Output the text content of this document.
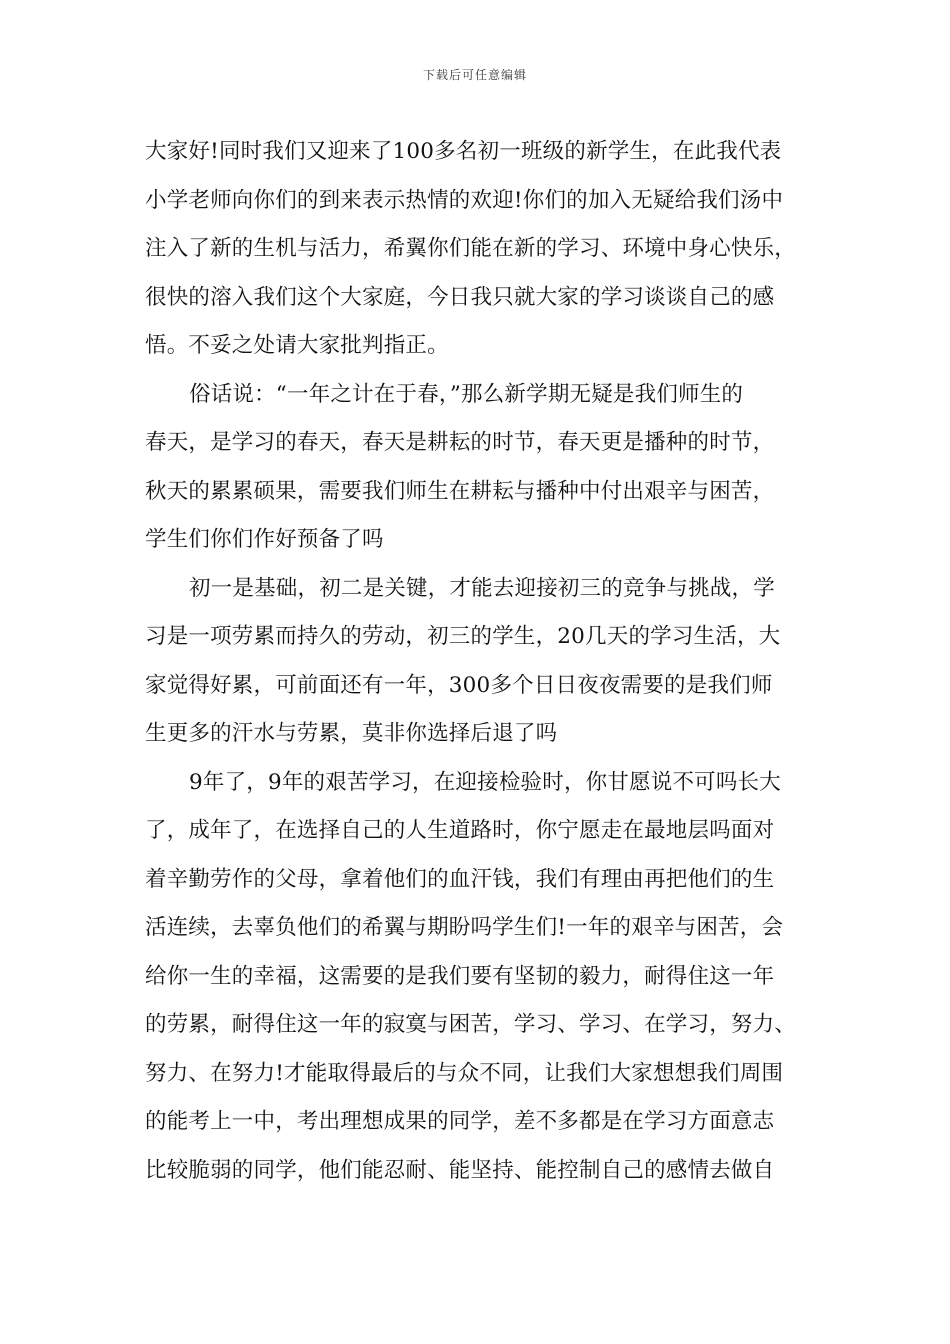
下载后可任意编辑
大家好!同时我们又迎来了100多名初一班级的新学生，在此我代表
小学老师向你们的到来表示热情的欢迎!你们的加入无疑给我们汤中
注入了新的生机与活力，希翼你们能在新的学习、环境中身心快乐，
很快的溶入我们这个大家庭，今日我只就大家的学习谈谈自己的感
悟。不妥之处请大家批判指正。
俗话说：“一年之计在于春，”那么新学期无疑是我们师生的
春天，是学习的春天，春天是耕耘的时节，春天更是播种的时节，
秋天的累累硕果，需要我们师生在耕耘与播种中付出艰辛与困苦，
学生们你们作好预备了吗
初一是基础，初二是关键，才能去迎接初三的竞争与挑战，学
习是一项劳累而持久的劳动，初三的学生，20几天的学习生活，大
家觉得好累，可前面还有一年，300多个日日夜夜需要的是我们师
生更多的汗水与劳累，莫非你选择后退了吗
9年了，9年的艰苦学习，在迎接检验时，你甘愿说不可吗长大
了，成年了，在选择自己的人生道路时，你宁愿走在最地层吗面对
着辛勤劳作的父母，拿着他们的血汗钱，我们有理由再把他们的生
活连续，去辜负他们的希翼与期盼吗学生们!一年的艰辛与困苦，会
给你一生的幸福，这需要的是我们要有坚韧的毅力，耐得住这一年
的劳累，耐得住这一年的寂寞与困苦，学习、学习、在学习，努力、
努力、在努力!才能取得最后的与众不同，让我们大家想想我们周围
的能考上一中，考出理想成果的同学，差不多都是在学习方面意志
比较脆弱的同学，他们能忍耐、能坚持、能控制自己的感情去做自
